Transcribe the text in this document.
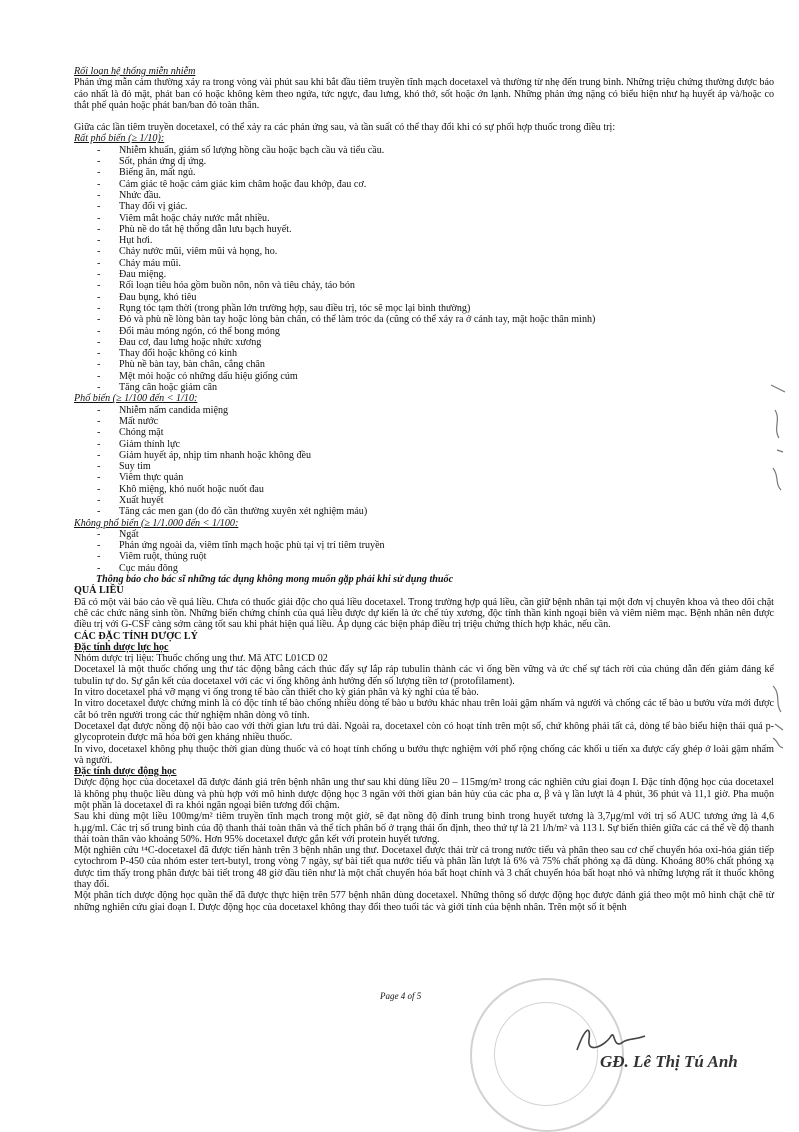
Rối loạn hệ thống miễn nhiễm

Phản ứng mẫn cảm thường xảy ra trong vòng vài phút sau khi bắt đầu tiêm truyền tĩnh mạch docetaxel và thường từ nhẹ đến trung bình. Những triệu chứng thường được báo cáo nhất là đỏ mặt, phát ban có hoặc không kèm theo ngứa, tức ngực, đau lưng, khó thở, sốt hoặc ớn lạnh. Những phản ứng nặng có biểu hiện như hạ huyết áp và/hoặc co thắt phế quản hoặc phát ban/ban đỏ toàn thân.

Giữa các lần tiêm truyền docetaxel, có thể xảy ra các phản ứng sau, và tần suất có thể thay đổi khi có sự phối hợp thuốc trong điều trị:

Rất phổ biến (≥ 1/10):

- Nhiễm khuẩn, giảm số lượng hồng cầu hoặc bạch cầu và tiểu cầu.
- Sốt, phản ứng dị ứng.
- Biếng ăn, mất ngủ.
- Cảm giác tê hoặc cảm giác kim châm hoặc đau khớp, đau cơ.
- Nhức đầu.
- Thay đổi vị giác.
- Viêm mắt hoặc chảy nước mắt nhiều.
- Phù nề do tắt hệ thống dẫn lưu bạch huyết.
- Hụt hơi.
- Chảy nước mũi, viêm mũi và họng, ho.
- Chảy máu mũi.
- Đau miệng.
- Rối loạn tiêu hóa gồm buồn nôn, nôn và tiêu chảy, táo bón
- Đau bụng, khó tiêu
- Rụng tóc tạm thời (trong phần lớn trường hợp, sau điều trị, tóc sẽ mọc lại bình thường)
- Đỏ và phù nề lòng bàn tay hoặc lòng bàn chân, có thể làm tróc da (cũng có thể xảy ra ở cánh tay, mặt hoặc thân mình)
- Đổi màu móng ngón, có thể bong móng
- Đau cơ, đau lưng hoặc nhức xương
- Thay đổi hoặc không có kinh
- Phù nề bàn tay, bàn chân, cẳng chân
- Mệt mỏi hoặc có những dấu hiệu giống cúm
- Tăng cân hoặc giảm cân

Phổ biến (≥ 1/100 đến < 1/10:

- Nhiễm nấm candida miệng
- Mất nước
- Chóng mặt
- Giảm thính lực
- Giảm huyết áp, nhịp tim nhanh hoặc không đều
- Suy tim
- Viêm thực quản
- Khô miệng, khó nuốt hoặc nuốt đau
- Xuất huyết
- Tăng các men gan (do đó cần thường xuyên xét nghiệm máu)

Không phổ biến (≥ 1/1.000 đến < 1/100:

- Ngất
- Phản ứng ngoài da, viêm tĩnh mạch hoặc phù tại vị trí tiêm truyền
- Viêm ruột, thủng ruột
- Cục máu đông

Thông báo cho bác sĩ những tác dụng không mong muốn gặp phải khi sử dụng thuốc

QUÁ LIỀU

Đã có một vài báo cáo về quá liều. Chưa có thuốc giải độc cho quá liều docetaxel. Trong trường hợp quá liều, cần giữ bệnh nhân tại một đơn vị chuyên khoa và theo dõi chặt chẽ các chức năng sinh tồn. Những biến chứng chính của quá liều được dự kiến là ức chế tủy xương, độc tính thần kinh ngoại biên và viêm niêm mạc. Bệnh nhân nên được điều trị với G-CSF càng sớm càng tốt sau khi phát hiện quá liều. Áp dụng các biện pháp điều trị triệu chứng thích hợp khác, nếu cần.

CÁC ĐẶC TÍNH DƯỢC LÝ

Đặc tính dược lực học

Nhóm dược trị liệu: Thuốc chống ung thư. Mã ATC L01CD 02

Docetaxel là một thuốc chống ung thư tác động bằng cách thúc đẩy sự lắp ráp tubulin thành các vi ống bền vững và ức chế sự tách rời của chúng dẫn đến giảm đáng kể tubulin tự do. Sự gắn kết của docetaxel với các vi ống không ảnh hưởng đến số lượng tiền tơ (protofilament).

In vitro docetaxel phá vỡ mạng vi ống trong tế bào cần thiết cho kỳ gián phân và kỳ nghỉ của tế bào.

In vitro docetaxel được chứng minh là có độc tính tế bào chống nhiều dòng tế bào u bướu khác nhau trên loài gậm nhấm và người và chống các tế bào u bướu vừa mới được cắt bỏ trên người trong các thử nghiệm nhân dòng vô tính.

Docetaxel đạt được nồng độ nội bào cao với thời gian lưu trú dài. Ngoài ra, docetaxel còn có hoạt tính trên một số, chứ không phải tất cả, dòng tế bào biểu hiện thái quá p-glycoprotein được mã hóa bởi gen kháng nhiều thuốc.

In vivo, docetaxel không phụ thuộc thời gian dùng thuốc và có hoạt tính chống u bướu thực nghiệm với phổ rộng chống các khối u tiến xa được cấy ghép ở loài gậm nhấm và người.

Đặc tính dược động học

Dược động học của docetaxel đã được đánh giá trên bệnh nhân ung thư sau khi dùng liều 20 – 115mg/m² trong các nghiên cứu giai đoạn I. Đặc tính động học của docetaxel là không phụ thuộc liều dùng và phù hợp với mô hình dược động học 3 ngăn với thời gian bán hủy của các pha α, β và γ lần lượt là 4 phút, 36 phút và 11,1 giờ. Pha muộn một phần là docetaxel đi ra khỏi ngăn ngoại biên tương đối chậm.

Sau khi dùng một liều 100mg/m² tiêm truyền tĩnh mạch trong một giờ, sẽ đạt nồng độ đỉnh trung bình trong huyết tương là 3,7μg/ml với trị số AUC tương ứng là 4,6 h.μg/ml. Các trị số trung bình của độ thanh thải toàn thân và thể tích phân bố ở trạng thái ổn định, theo thứ tự là 21 l/h/m² và 113 l. Sự biến thiên giữa các cá thể về độ thanh thải toàn thân vào khoảng 50%. Hơn 95% docetaxel được gắn kết với protein huyết tương.

Một nghiên cứu ¹⁴C-docetaxel đã được tiến hành trên 3 bệnh nhân ung thư. Docetaxel được thải trừ cả trong nước tiểu và phân theo sau cơ chế chuyển hóa oxi-hóa gián tiếp cytochrom P-450 của nhóm ester tert-butyl, trong vòng 7 ngày, sự bài tiết qua nước tiểu và phân lần lượt là 6% và 75% chất phóng xạ đã dùng. Khoảng 80% chất phóng xạ được tìm thấy trong phân được bài tiết trong 48 giờ đầu tiên như là một chất chuyển hóa bất hoạt chính và 3 chất chuyển hóa bất hoạt nhỏ và những lượng rất ít thuốc không thay đổi.

Một phân tích dược động học quần thể đã được thực hiện trên 577 bệnh nhân dùng docetaxel. Những thông số dược động học được đánh giá theo một mô hình chặt chẽ từ những nghiên cứu giai đoạn I. Dược động học của docetaxel không thay đổi theo tuổi tác và giới tính của bệnh nhân. Trên một số ít bệnh

Page 4 of 5
GĐ. Lê Thị Tú Anh
